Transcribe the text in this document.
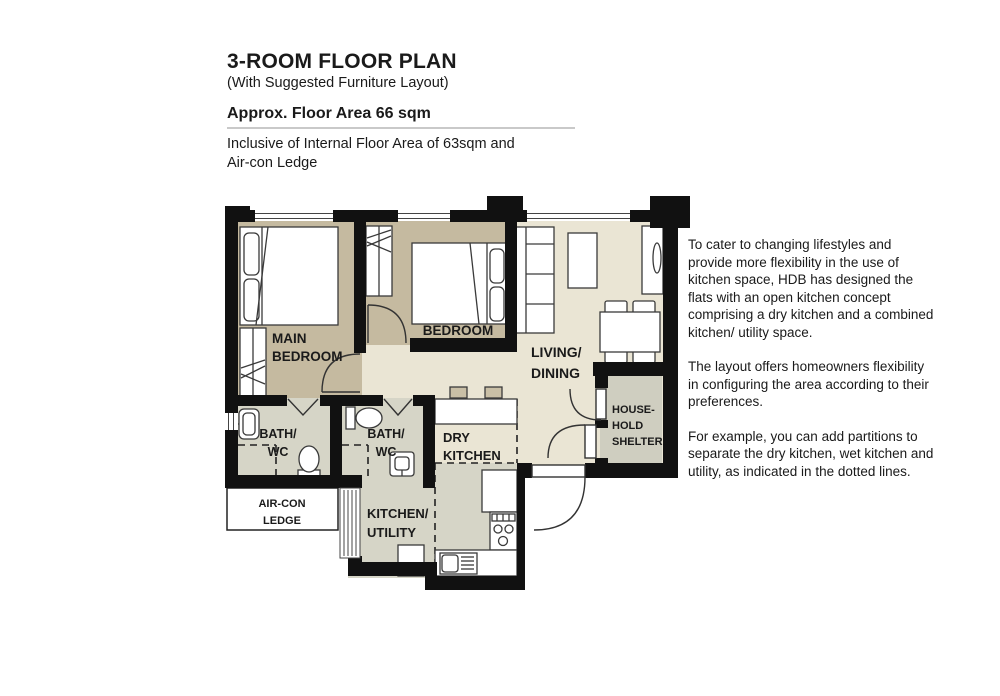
3-ROOM FLOOR PLAN
(With Suggested Furniture Layout)
Approx. Floor Area 66 sqm
Inclusive of Internal Floor Area of 63sqm and Air-con Ledge

To cater to changing lifestyles and provide more flexibility in the use of kitchen space, HDB has designed the flats with an open kitchen concept comprising a dry kitchen and a combined kitchen/ utility space.

The layout offers homeowners flexibility in configuring the area according to their preferences.

For example, you can add partitions to separate the dry kitchen, wet kitchen and utility, as indicated in the dotted lines.

MAIN
BEDROOM
BEDROOM
LIVING/
DINING
BATH/
WC
BATH/
WC
DRY
KITCHEN
HOUSE-
HOLD
SHELTER
KITCHEN/
UTILITY
AIR-CON
LEDGE
